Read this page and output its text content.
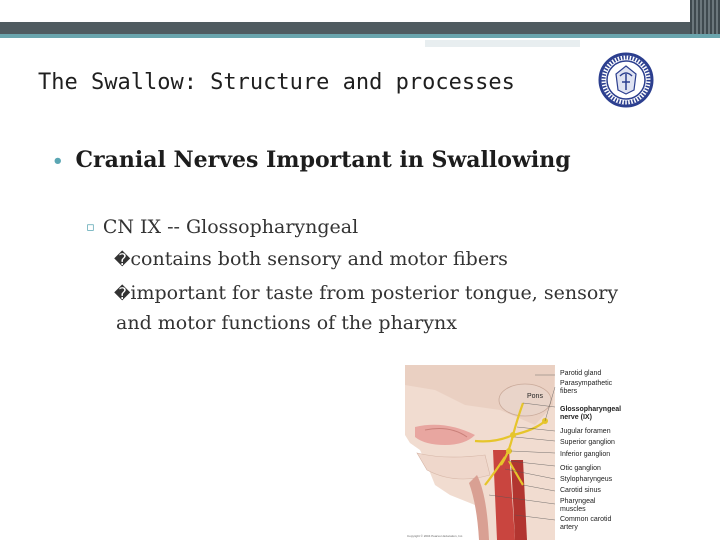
The Swallow: Structure and processes
• Cranial Nerves Important in Swallowing
▫ CN IX -- Glossopharyngeal
�contains both sensory and motor fibers
�important for taste from posterior tongue, sensory
and motor functions of the pharynx
Copyright © 2004 Pearson Education, Inc.
Parotid gland
Parasympathetic
fibers
Pons
Glossopharyngeal
nerve (IX)
Jugular foramen
Superior ganglion
Inferior ganglion
Otic ganglion
Stylopharyngeus
Carotid sinus
Pharyngeal
muscles
Common carotid
artery
